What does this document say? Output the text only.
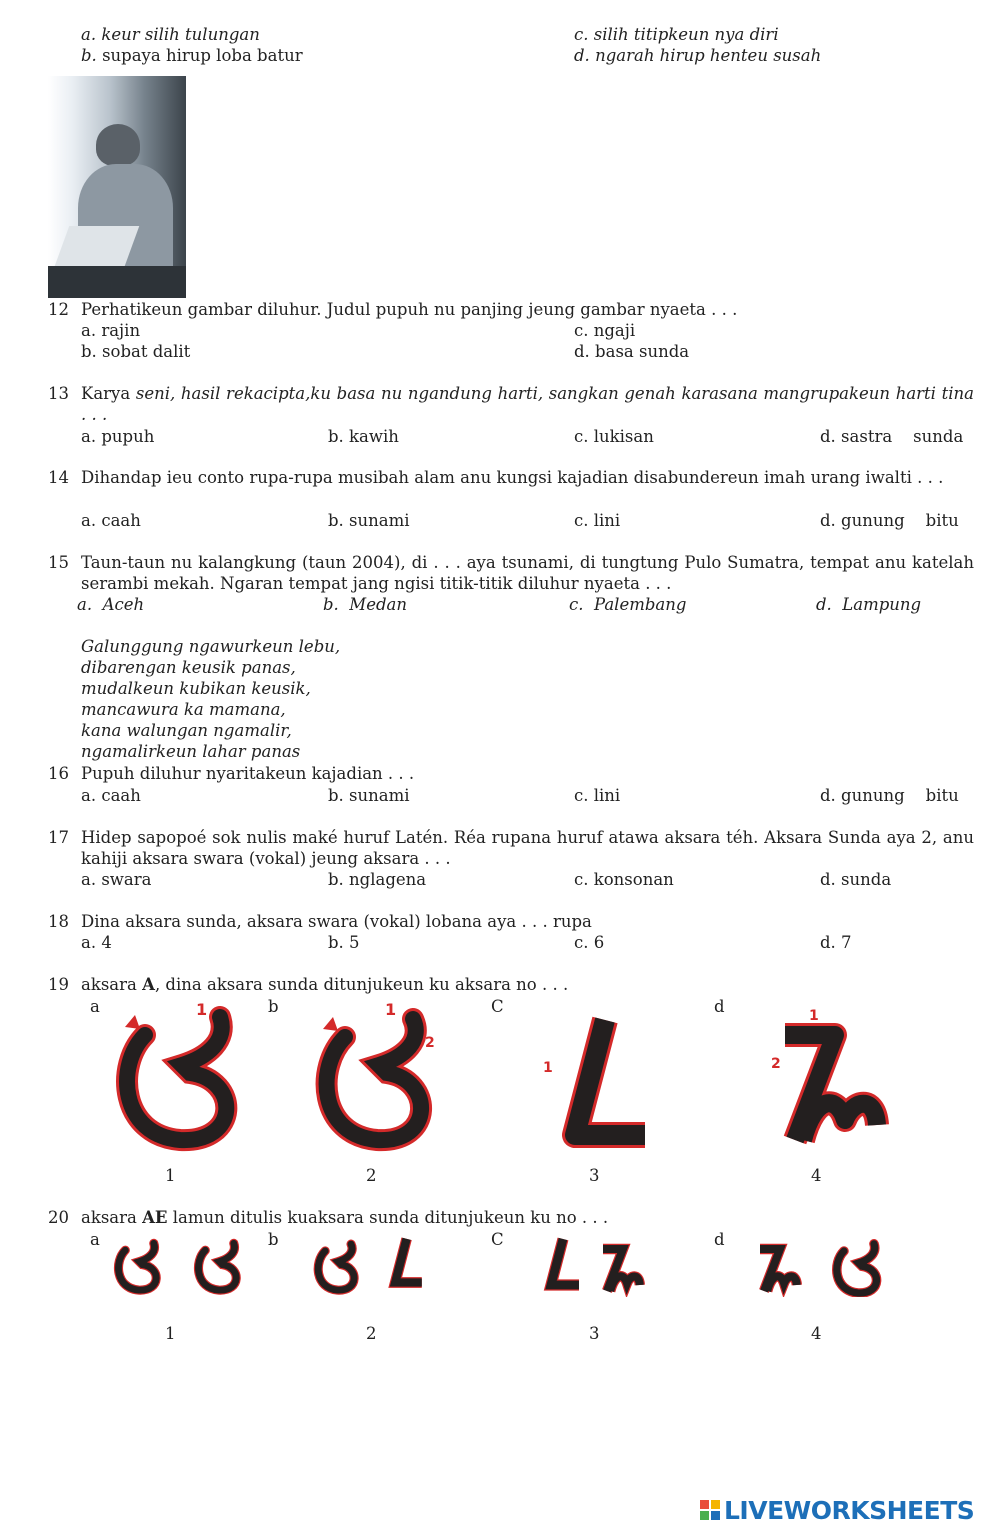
a. keur silih tulungan
b. supaya hirup loba batur
c. silih titipkeun nya diri
d. ngarah hirup henteu susah
12 Perhatikeun gambar diluhur. Judul pupuh nu panjing jeung gambar nyaeta . . .
a. rajin
b. sobat dalit
c. ngaji
d. basa sunda
13 Karya seni, hasil rekacipta,ku basa nu ngandung harti, sangkan genah karasana mangrupakeun harti tina . . .
a. pupuh	b. kawih	c. lukisan	d. sastra    sunda
14 Dihandap ieu conto rupa-rupa musibah alam anu kungsi kajadian disabundereun imah urang iwalti . . .
a. caah	b. sunami	c. lini	d. gunung    bitu
15 Taun-taun nu kalangkung (taun 2004), di . . . aya tsunami, di tungtung Pulo Sumatra, tempat anu katelah serambi mekah. Ngaran tempat jang ngisi titik-titik diluhur nyaeta . . .
a.  Aceh	b.  Medan	c.  Palembang	d.  Lampung
Galunggung ngawurkeun lebu,
dibarengan keusik panas,
mudalkeun kubikan keusik,
mancawura ka mamana,
kana walungan ngamalir,
ngamalirkeun lahar panas
16 Pupuh diluhur nyaritakeun kajadian . . .
a. caah	b. sunami	c. lini	d. gunung    bitu
17 Hidep sapopoé sok nulis maké huruf Latén. Réa rupana huruf atawa aksara téh. Aksara Sunda aya 2, anu kahiji aksara swara (vokal) jeung aksara . . .
a. swara	b. nglagena	c. konsonan	d. sunda
18 Dina aksara sunda, aksara swara (vokal) lobana aya . . . rupa
a. 4	b. 5	c. 6	d. 7
19 aksara A, dina aksara sunda ditunjukeun ku aksara no . . .
a	b	C	d
1	1
2
1
1
2
1	2	3	4
20 aksara AE lamun ditulis kuaksara sunda ditunjukeun ku no . . .
a	b	C	d
1	2	3	4
LIVEWORKSHEETS
